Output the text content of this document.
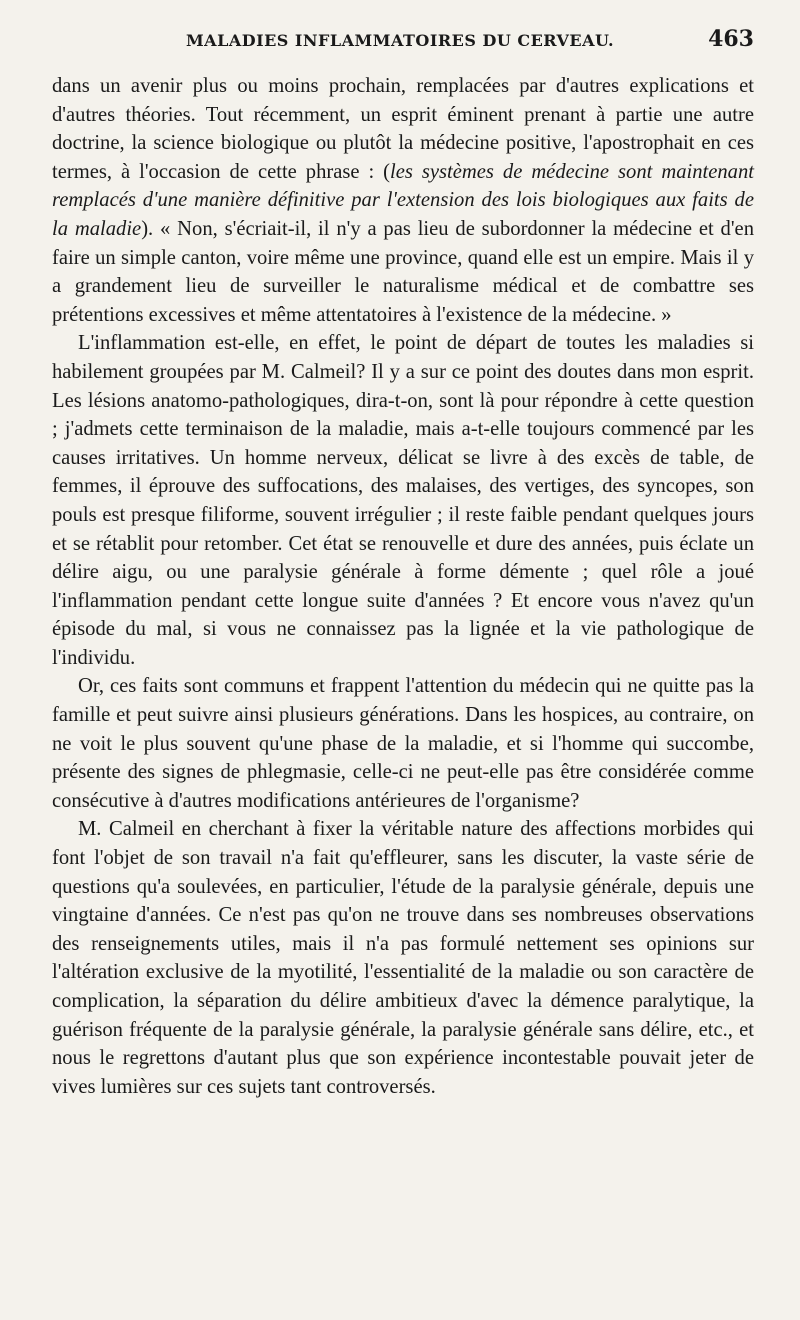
MALADIES INFLAMMATOIRES DU CERVEAU.	463

dans un avenir plus ou moins prochain, remplacées par d'autres explications et d'autres théories. Tout récemment, un esprit éminent prenant à partie une autre doctrine, la science biologique ou plutôt la médecine positive, l'apostrophait en ces termes, à l'occasion de cette phrase : (les systèmes de médecine sont maintenant remplacés d'une manière définitive par l'extension des lois biologiques aux faits de la maladie). « Non, s'écriait-il, il n'y a pas lieu de subordonner la médecine et d'en faire un simple canton, voire même une province, quand elle est un empire. Mais il y a grandement lieu de surveiller le naturalisme médical et de combattre ses prétentions excessives et même attentatoires à l'existence de la médecine. »

L'inflammation est-elle, en effet, le point de départ de toutes les maladies si habilement groupées par M. Calmeil? Il y a sur ce point des doutes dans mon esprit. Les lésions anatomo-pathologiques, dira-t-on, sont là pour répondre à cette question ; j'admets cette terminaison de la maladie, mais a-t-elle toujours commencé par les causes irritatives. Un homme nerveux, délicat se livre à des excès de table, de femmes, il éprouve des suffocations, des malaises, des vertiges, des syncopes, son pouls est presque filiforme, souvent irrégulier ; il reste faible pendant quelques jours et se rétablit pour retomber. Cet état se renouvelle et dure des années, puis éclate un délire aigu, ou une paralysie générale à forme démente ; quel rôle a joué l'inflammation pendant cette longue suite d'années ? Et encore vous n'avez qu'un épisode du mal, si vous ne connaissez pas la lignée et la vie pathologique de l'individu.

Or, ces faits sont communs et frappent l'attention du médecin qui ne quitte pas la famille et peut suivre ainsi plusieurs générations. Dans les hospices, au contraire, on ne voit le plus souvent qu'une phase de la maladie, et si l'homme qui succombe, présente des signes de phlegmasie, celle-ci ne peut-elle pas être considérée comme consécutive à d'autres modifications antérieures de l'organisme?

M. Calmeil en cherchant à fixer la véritable nature des affections morbides qui font l'objet de son travail n'a fait qu'effleurer, sans les discuter, la vaste série de questions qu'a soulevées, en particulier, l'étude de la paralysie générale, depuis une vingtaine d'années. Ce n'est pas qu'on ne trouve dans ses nombreuses observations des renseignements utiles, mais il n'a pas formulé nettement ses opinions sur l'altération exclusive de la myotilité, l'essentialité de la maladie ou son caractère de complication, la séparation du délire ambitieux d'avec la démence paralytique, la guérison fréquente de la paralysie générale, la paralysie générale sans délire, etc., et nous le regrettons d'autant plus que son expérience incontestable pouvait jeter de vives lumières sur ces sujets tant controversés.
